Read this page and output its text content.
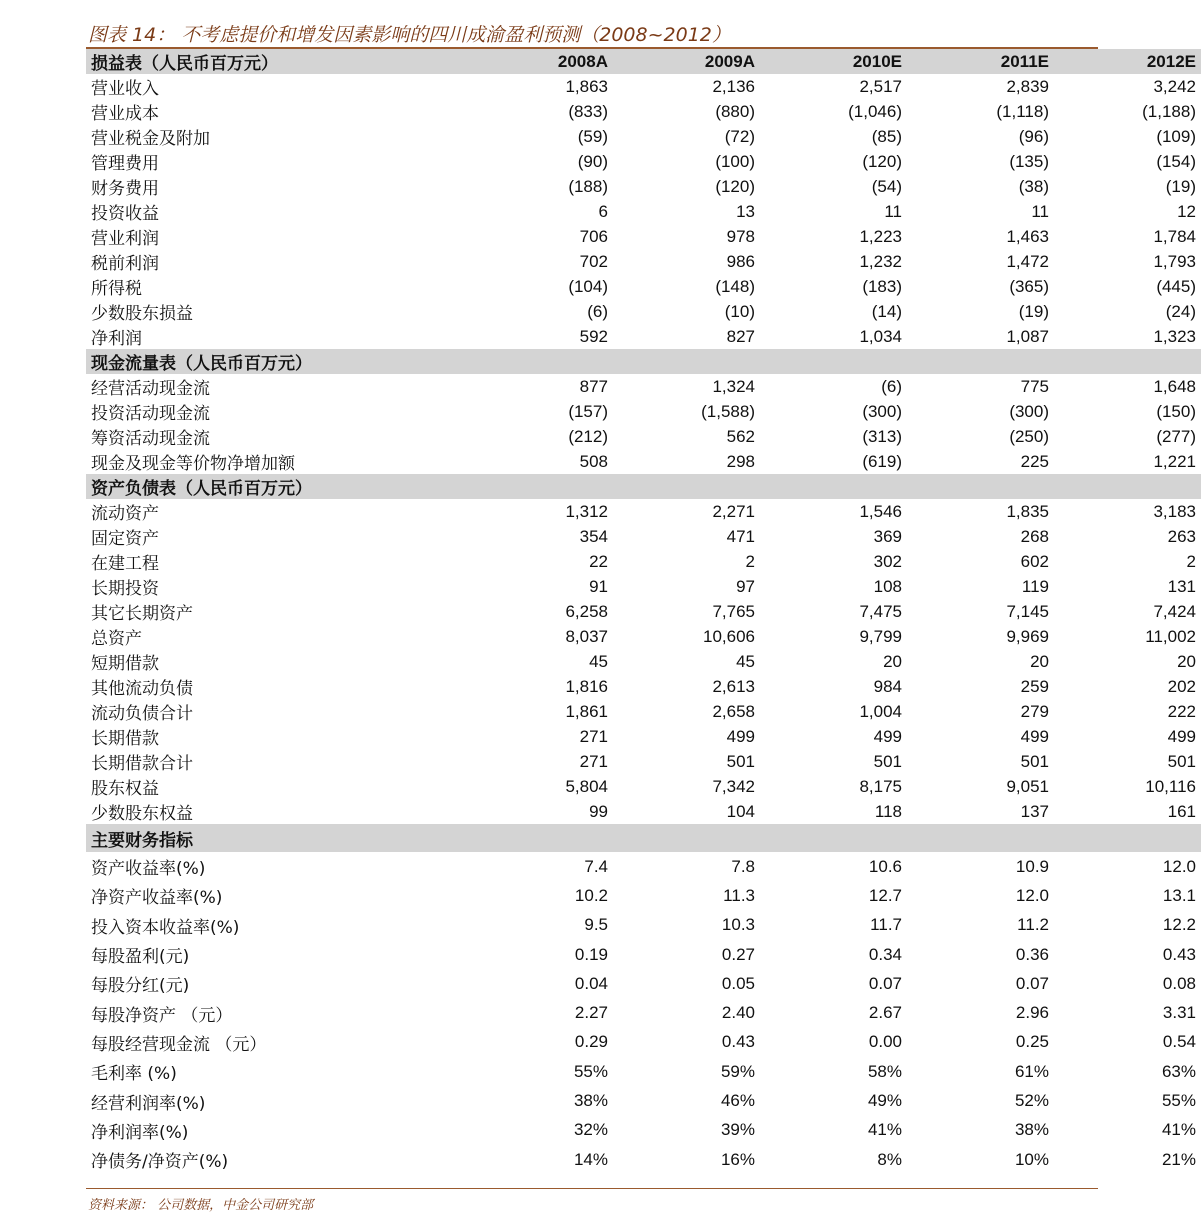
图表 14： 不考虑提价和增发因素影响的四川成渝盈利预测（2008~2012）
损益表（人民币百万元）	2008A	2009A	2010E	2011E	2012E
营业收入	1,863	2,136	2,517	2,839	3,242
营业成本	(833)	(880)	(1,046)	(1,118)	(1,188)
营业税金及附加	(59)	(72)	(85)	(96)	(109)
管理费用	(90)	(100)	(120)	(135)	(154)
财务费用	(188)	(120)	(54)	(38)	(19)
投资收益	6	13	11	11	12
营业利润	706	978	1,223	1,463	1,784
税前利润	702	986	1,232	1,472	1,793
所得税	(104)	(148)	(183)	(365)	(445)
少数股东损益	(6)	(10)	(14)	(19)	(24)
净利润	592	827	1,034	1,087	1,323
现金流量表（人民币百万元）					
经营活动现金流	877	1,324	(6)	775	1,648
投资活动现金流	(157)	(1,588)	(300)	(300)	(150)
筹资活动现金流	(212)	562	(313)	(250)	(277)
现金及现金等价物净增加额	508	298	(619)	225	1,221
资产负债表（人民币百万元）					
流动资产	1,312	2,271	1,546	1,835	3,183
固定资产	354	471	369	268	263
在建工程	22	2	302	602	2
长期投资	91	97	108	119	131
其它长期资产	6,258	7,765	7,475	7,145	7,424
总资产	8,037	10,606	9,799	9,969	11,002
短期借款	45	45	20	20	20
其他流动负债	1,816	2,613	984	259	202
流动负债合计	1,861	2,658	1,004	279	222
长期借款	271	499	499	499	499
长期借款合计	271	501	501	501	501
股东权益	5,804	7,342	8,175	9,051	10,116
少数股东权益	99	104	118	137	161
主要财务指标					
资产收益率(%)	7.4	7.8	10.6	10.9	12.0
净资产收益率(%)	10.2	11.3	12.7	12.0	13.1
投入资本收益率(%)	9.5	10.3	11.7	11.2	12.2
每股盈利(元)	0.19	0.27	0.34	0.36	0.43
每股分红(元)	0.04	0.05	0.07	0.07	0.08
每股净资产 （元）	2.27	2.40	2.67	2.96	3.31
每股经营现金流 （元）	0.29	0.43	0.00	0.25	0.54
毛利率 (%)	55%	59%	58%	61%	63%
经营利润率(%)	38%	46%	49%	52%	55%
净利润率(%)	32%	39%	41%	38%	41%
净债务/净资产(%)	14%	16%	8%	10%	21%
资料来源： 公司数据，中金公司研究部
